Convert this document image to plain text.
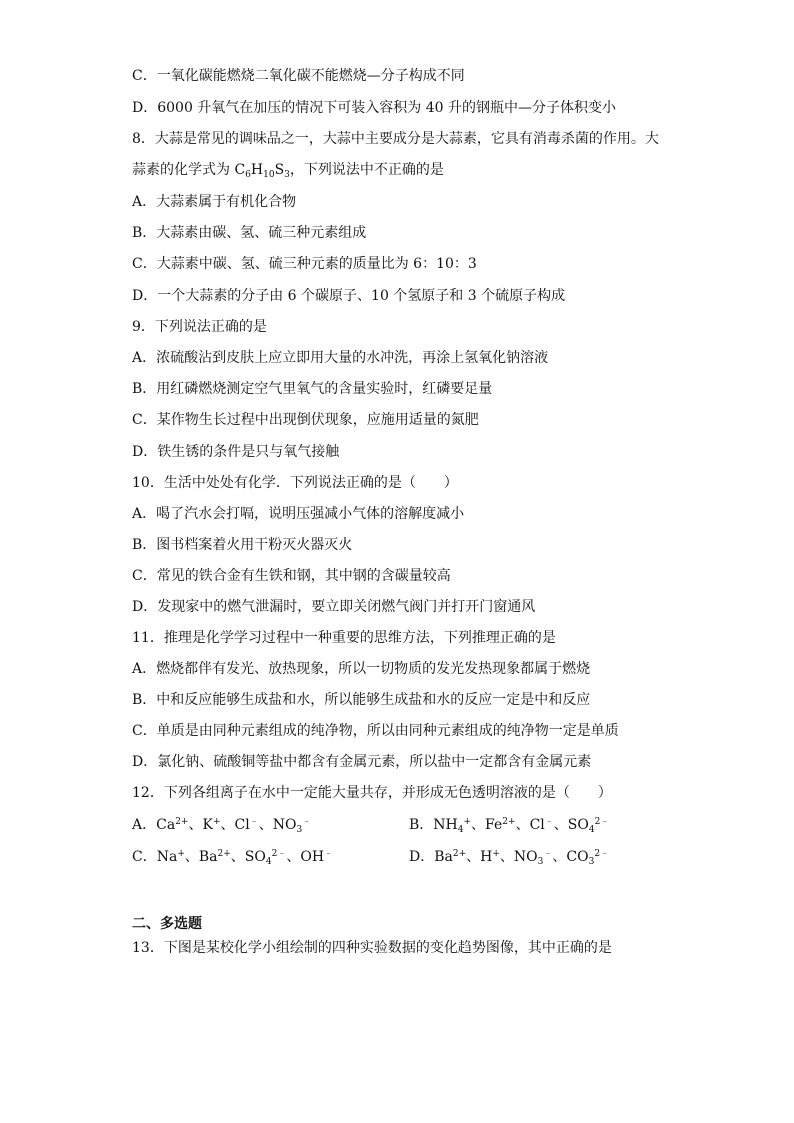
C．一氧化碳能燃烧二氧化碳不能燃烧—分子构成不同
D．6000 升氧气在加压的情况下可装入容积为 40 升的钢瓶中—分子体积变小
8．大蒜是常见的调味品之一，大蒜中主要成分是大蒜素，它具有消毒杀菌的作用。大
蒜素的化学式为 $C_6H_{10}S_3$，下列说法中不正确的是
A．大蒜素属于有机化合物
B．大蒜素由碳、氢、硫三种元素组成
C．大蒜素中碳、氢、硫三种元素的质量比为 6：10：3
D．一个大蒜素的分子由 6 个碳原子、10 个氢原子和 3 个硫原子构成
9．下列说法正确的是
A．浓硫酸沾到皮肤上应立即用大量的水冲洗，再涂上氢氧化钠溶液
B．用红磷燃烧测定空气里氧气的含量实验时，红磷要足量
C．某作物生长过程中出现倒伏现象，应施用适量的氮肥
D．铁生锈的条件是只与氧气接触
10．生活中处处有化学．下列说法正确的是（　　）
A．喝了汽水会打嗝，说明压强减小气体的溶解度减小
B．图书档案着火用干粉灭火器灭火
C．常见的铁合金有生铁和钢，其中钢的含碳量较高
D．发现家中的燃气泄漏时，要立即关闭燃气阀门并打开门窗通风
11．推理是化学学习过程中一种重要的思维方法，下列推理正确的是
A．燃烧都伴有发光、放热现象，所以一切物质的发光发热现象都属于燃烧
B．中和反应能够生成盐和水，所以能够生成盐和水的反应一定是中和反应
C．单质是由同种元素组成的纯净物，所以由同种元素组成的纯净物一定是单质
D．氯化钠、硫酸铜等盐中都含有金属元素，所以盐中一定都含有金属元素
12．下列各组离子在水中一定能大量共存，并形成无色透明溶液的是（　　）
A．$Ca^{2+}$、K+、Cl﹣、$NO_3^﹣$	B．$NH_4^+$、$Fe^{2+}$、Cl﹣、$SO_4^{2﹣}$
C．Na+、$Ba^{2+}$、$SO_4^{2﹣}$、OH﹣	D．$Ba^{2+}$、H+、$NO_3^﹣$、$CO_3^{2﹣}$
二、多选题
13．下图是某校化学小组绘制的四种实验数据的变化趋势图像，其中正确的是
